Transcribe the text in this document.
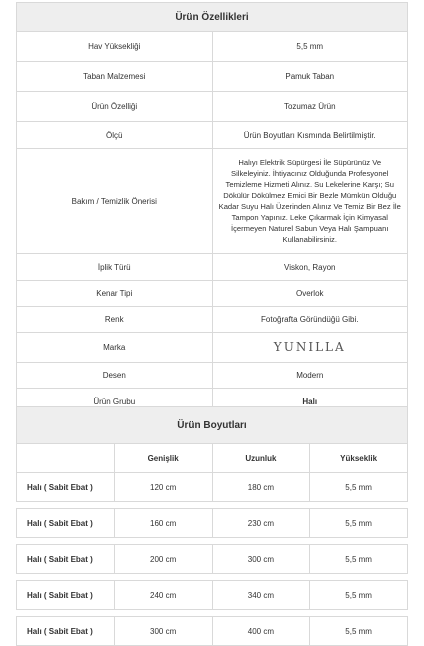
Ürün Özellikleri	
Hav Yüksekliği	5,5 mm
Taban Malzemesi	Pamuk Taban
Ürün Özelliği	Tozumaz Ürün
Ölçü	Ürün Boyutları Kısmında Belirtilmiştir.
Bakım / Temizlik Önerisi	Halıyı Elektrik Süpürgesi İle Süpürünüz Ve Silkeleyiniz. İhtiyacınız Olduğunda Profesyonel Temizleme Hizmeti Alınız. Su Lekelerine Karşı; Su Dökülür Dökülmez Emici Bir Bezle Mümkün Olduğu Kadar Suyu Halı Üzerinden Alınız Ve Temiz Bir Bez İle Tampon Yapınız. Leke Çıkarmak İçin Kimyasal İçermeyen Naturel Sabun Veya Halı Şampuanı Kullanabilirsiniz.
İplik Türü	Viskon, Rayon
Kenar Tipi	Overlok
Renk	Fotoğrafta Göründüğü Gibi.
Marka	YUNILLA
Desen	Modern
Ürün Grubu	Halı
Ürün Boyutları			
	Genişlik	Uzunluk	Yükseklik
Halı ( Sabit Ebat )	120 cm	180 cm	5,5 mm

Halı ( Sabit Ebat )	160 cm	230 cm	5,5 mm

Halı ( Sabit Ebat )	200 cm	300 cm	5,5 mm

Halı ( Sabit Ebat )	240 cm	340 cm	5,5 mm

Halı ( Sabit Ebat )	300 cm	400 cm	5,5 mm
